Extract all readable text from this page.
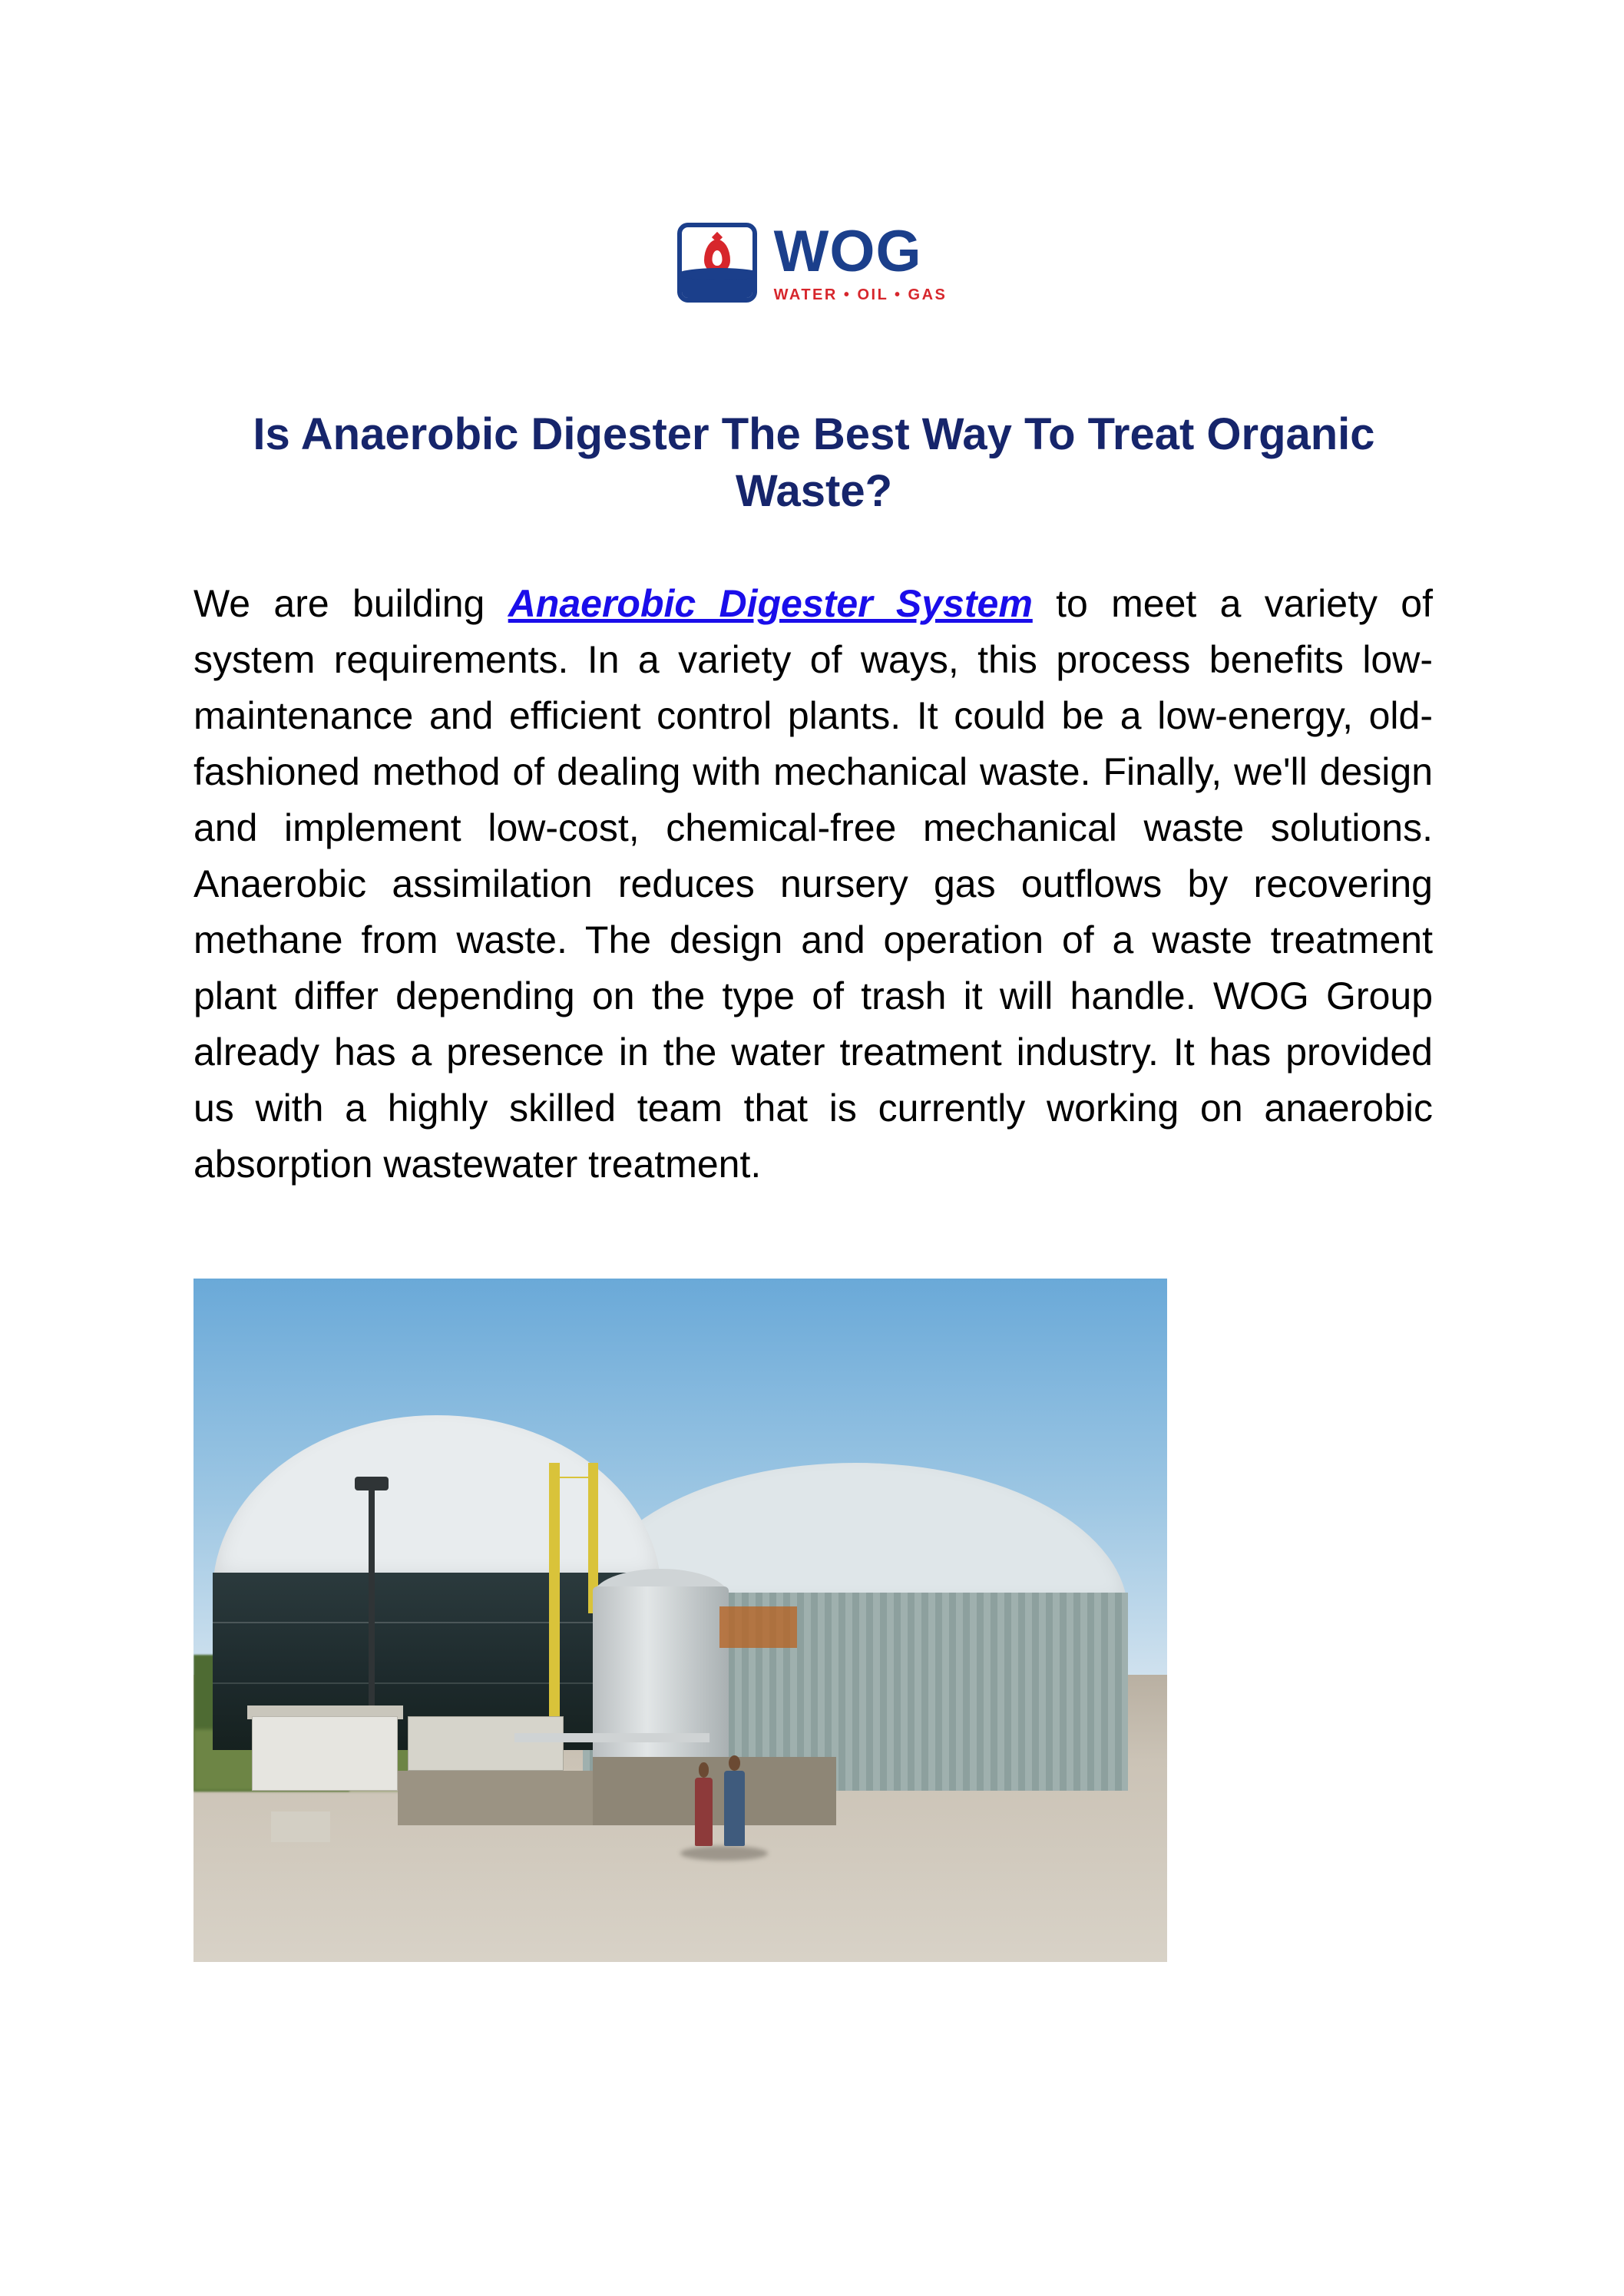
WOG
WATER • OIL • GAS
Is Anaerobic Digester The Best Way To Treat Organic Waste?

We are building Anaerobic Digester System to meet a variety of system requirements. In a variety of ways, this process benefits low-maintenance and efficient control plants. It could be a low-energy, old-fashioned method of dealing with mechanical waste. Finally, we'll design and implement low-cost, chemical-free mechanical waste solutions. Anaerobic assimilation reduces nursery gas outflows by recovering methane from waste. The design and operation of a waste treatment plant differ depending on the type of trash it will handle. WOG Group already has a presence in the water treatment industry. It has provided us with a highly skilled team that is currently working on anaerobic absorption wastewater treatment.
